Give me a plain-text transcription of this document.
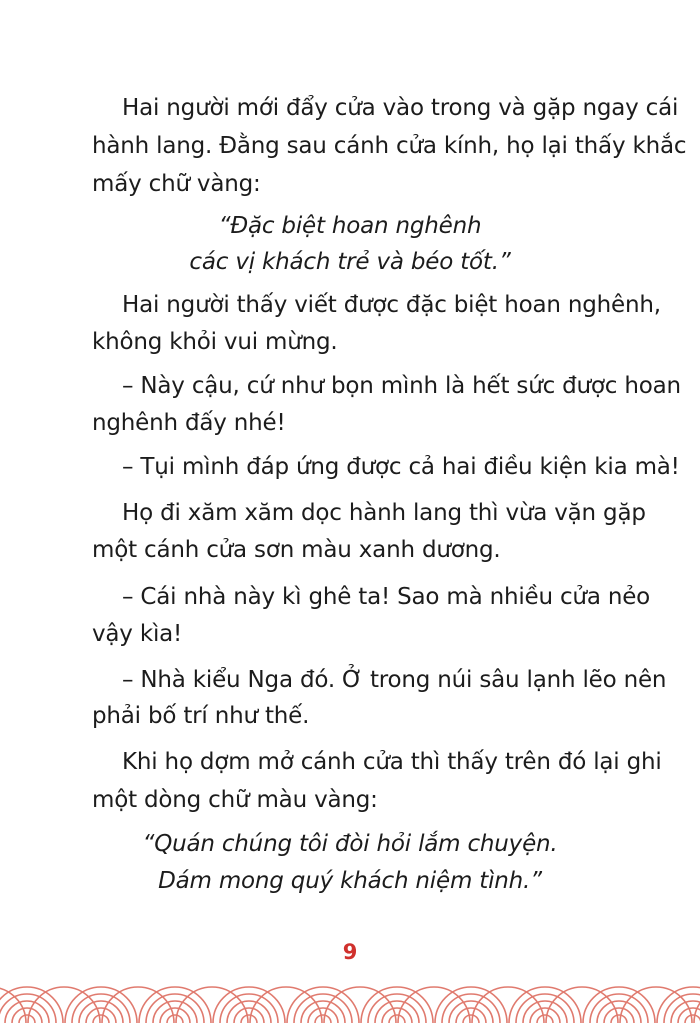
Hai người mới đẩy cửa vào trong và gặp ngay cái
hành lang. Đằng sau cánh cửa kính, họ lại thấy khắc
mấy chữ vàng:
“Đặc biệt hoan nghênh
các vị khách trẻ và béo tốt.”
Hai người thấy viết được đặc biệt hoan nghênh,
không khỏi vui mừng.
– Này cậu, cứ như bọn mình là hết sức được hoan
nghênh đấy nhé!
– Tụi mình đáp ứng được cả hai điều kiện kia mà!
Họ đi xăm xăm dọc hành lang thì vừa vặn gặp
một cánh cửa sơn màu xanh dương.
– Cái nhà này kì ghê ta! Sao mà nhiều cửa nẻo
vậy kìa!
– Nhà kiểu Nga đó. Ở trong núi sâu lạnh lẽo nên
phải bố trí như thế.
Khi họ dợm mở cánh cửa thì thấy trên đó lại ghi
một dòng chữ màu vàng:
“Quán chúng tôi đòi hỏi lắm chuyện.
Dám mong quý khách niệm tình.”
9
